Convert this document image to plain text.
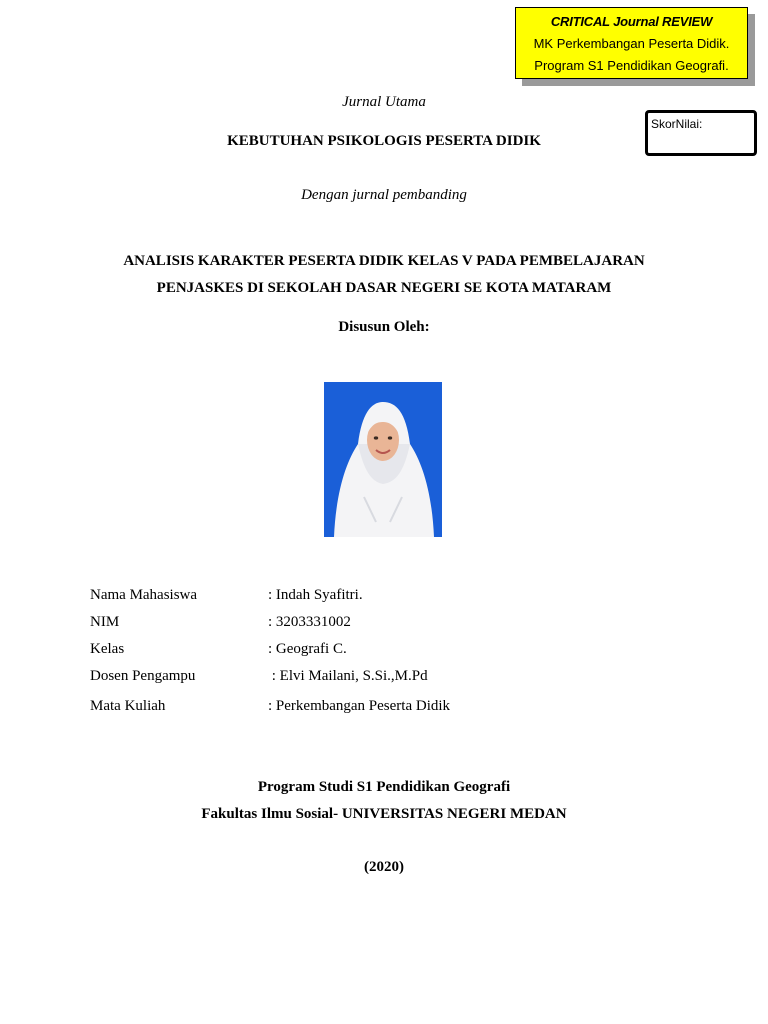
CRITICAL Journal REVIEW
MK Perkembangan Peserta Didik.
Program S1 Pendidikan Geografi.
SkorNilai:
Jurnal Utama
KEBUTUHAN PSIKOLOGIS PESERTA DIDIK
Dengan jurnal pembanding
ANALISIS KARAKTER PESERTA DIDIK KELAS V PADA PEMBELAJARAN
PENJASKES DI SEKOLAH DASAR NEGERI SE KOTA MATARAM
Disusun Oleh:
Nama Mahasiswa	: Indah Syafitri.
NIM	: 3203331002
Kelas	: Geografi C.
Dosen Pengampu	: Elvi Mailani, S.Si.,M.Pd
Mata Kuliah	: Perkembangan Peserta Didik
Program Studi S1 Pendidikan Geografi
Fakultas Ilmu Sosial- UNIVERSITAS NEGERI MEDAN
(2020)
